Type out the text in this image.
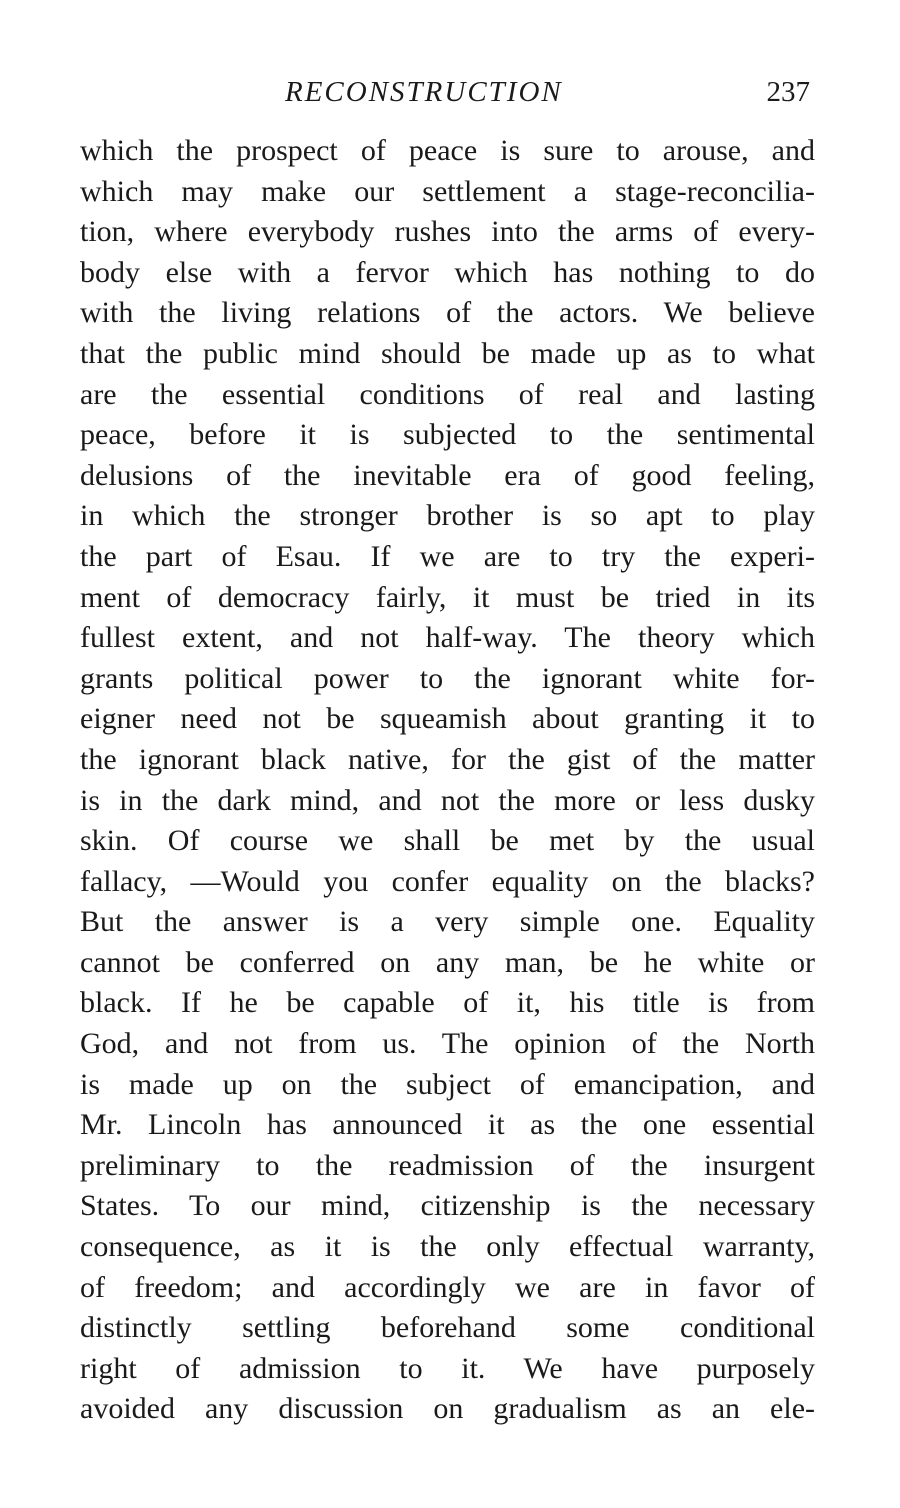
RECONSTRUCTION	237
which the prospect of peace is sure to arouse, and
which may make our settlement a stage-reconcilia-
tion, where everybody rushes into the arms of every-
body else with a fervor which has nothing to do
with the living relations of the actors. We believe
that the public mind should be made up as to what
are the essential conditions of real and lasting
peace, before it is subjected to the sentimental
delusions of the inevitable era of good feeling,
in which the stronger brother is so apt to play
the part of Esau. If we are to try the experi-
ment of democracy fairly, it must be tried in its
fullest extent, and not half-way. The theory which
grants political power to the ignorant white for-
eigner need not be squeamish about granting it to
the ignorant black native, for the gist of the matter
is in the dark mind, and not the more or less dusky
skin. Of course we shall be met by the usual
fallacy, —Would you confer equality on the blacks?
But the answer is a very simple one. Equality
cannot be conferred on any man, be he white or
black. If he be capable of it, his title is from
God, and not from us. The opinion of the North
is made up on the subject of emancipation, and
Mr. Lincoln has announced it as the one essential
preliminary to the readmission of the insurgent
States. To our mind, citizenship is the necessary
consequence, as it is the only effectual warranty,
of freedom; and accordingly we are in favor of
distinctly settling beforehand some conditional
right of admission to it. We have purposely
avoided any discussion on gradualism as an ele-
